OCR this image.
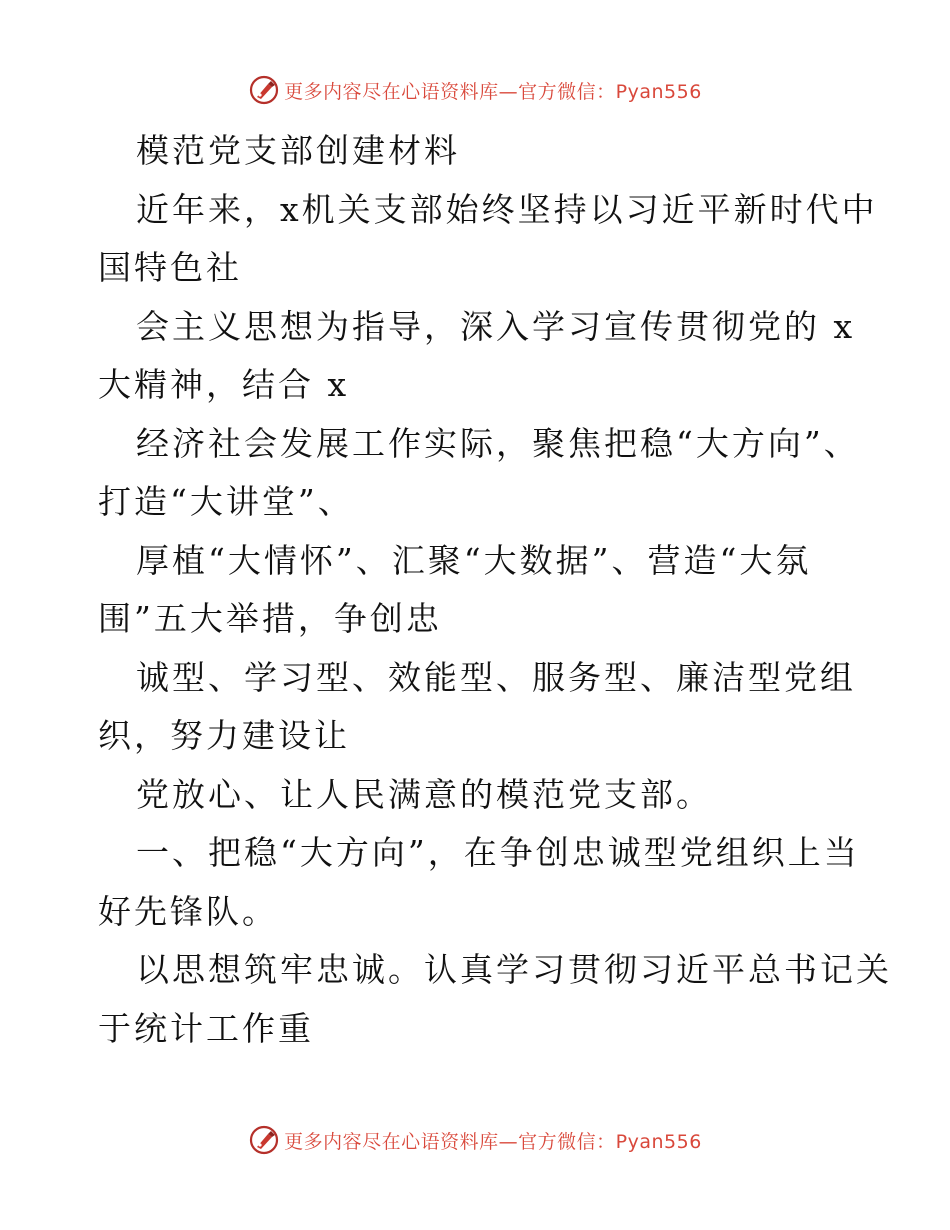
更多内容尽在心语资料库—官方微信：Pyan556

模范党支部创建材料

近年来，x机关支部始终坚持以习近平新时代中

国特色社

会主义思想为指导，深入学习宣传贯彻党的 x

大精神，结合 x

经济社会发展工作实际，聚焦把稳“大方向”、

打造“大讲堂”、

厚植“大情怀”、汇聚“大数据”、营造“大氛

围”五大举措，争创忠

诚型、学习型、效能型、服务型、廉洁型党组

织，努力建设让

党放心、让人民满意的模范党支部。

一、把稳“大方向”，在争创忠诚型党组织上当

好先锋队。

以思想筑牢忠诚。认真学习贯彻习近平总书记关

于统计工作重

更多内容尽在心语资料库—官方微信：Pyan556
